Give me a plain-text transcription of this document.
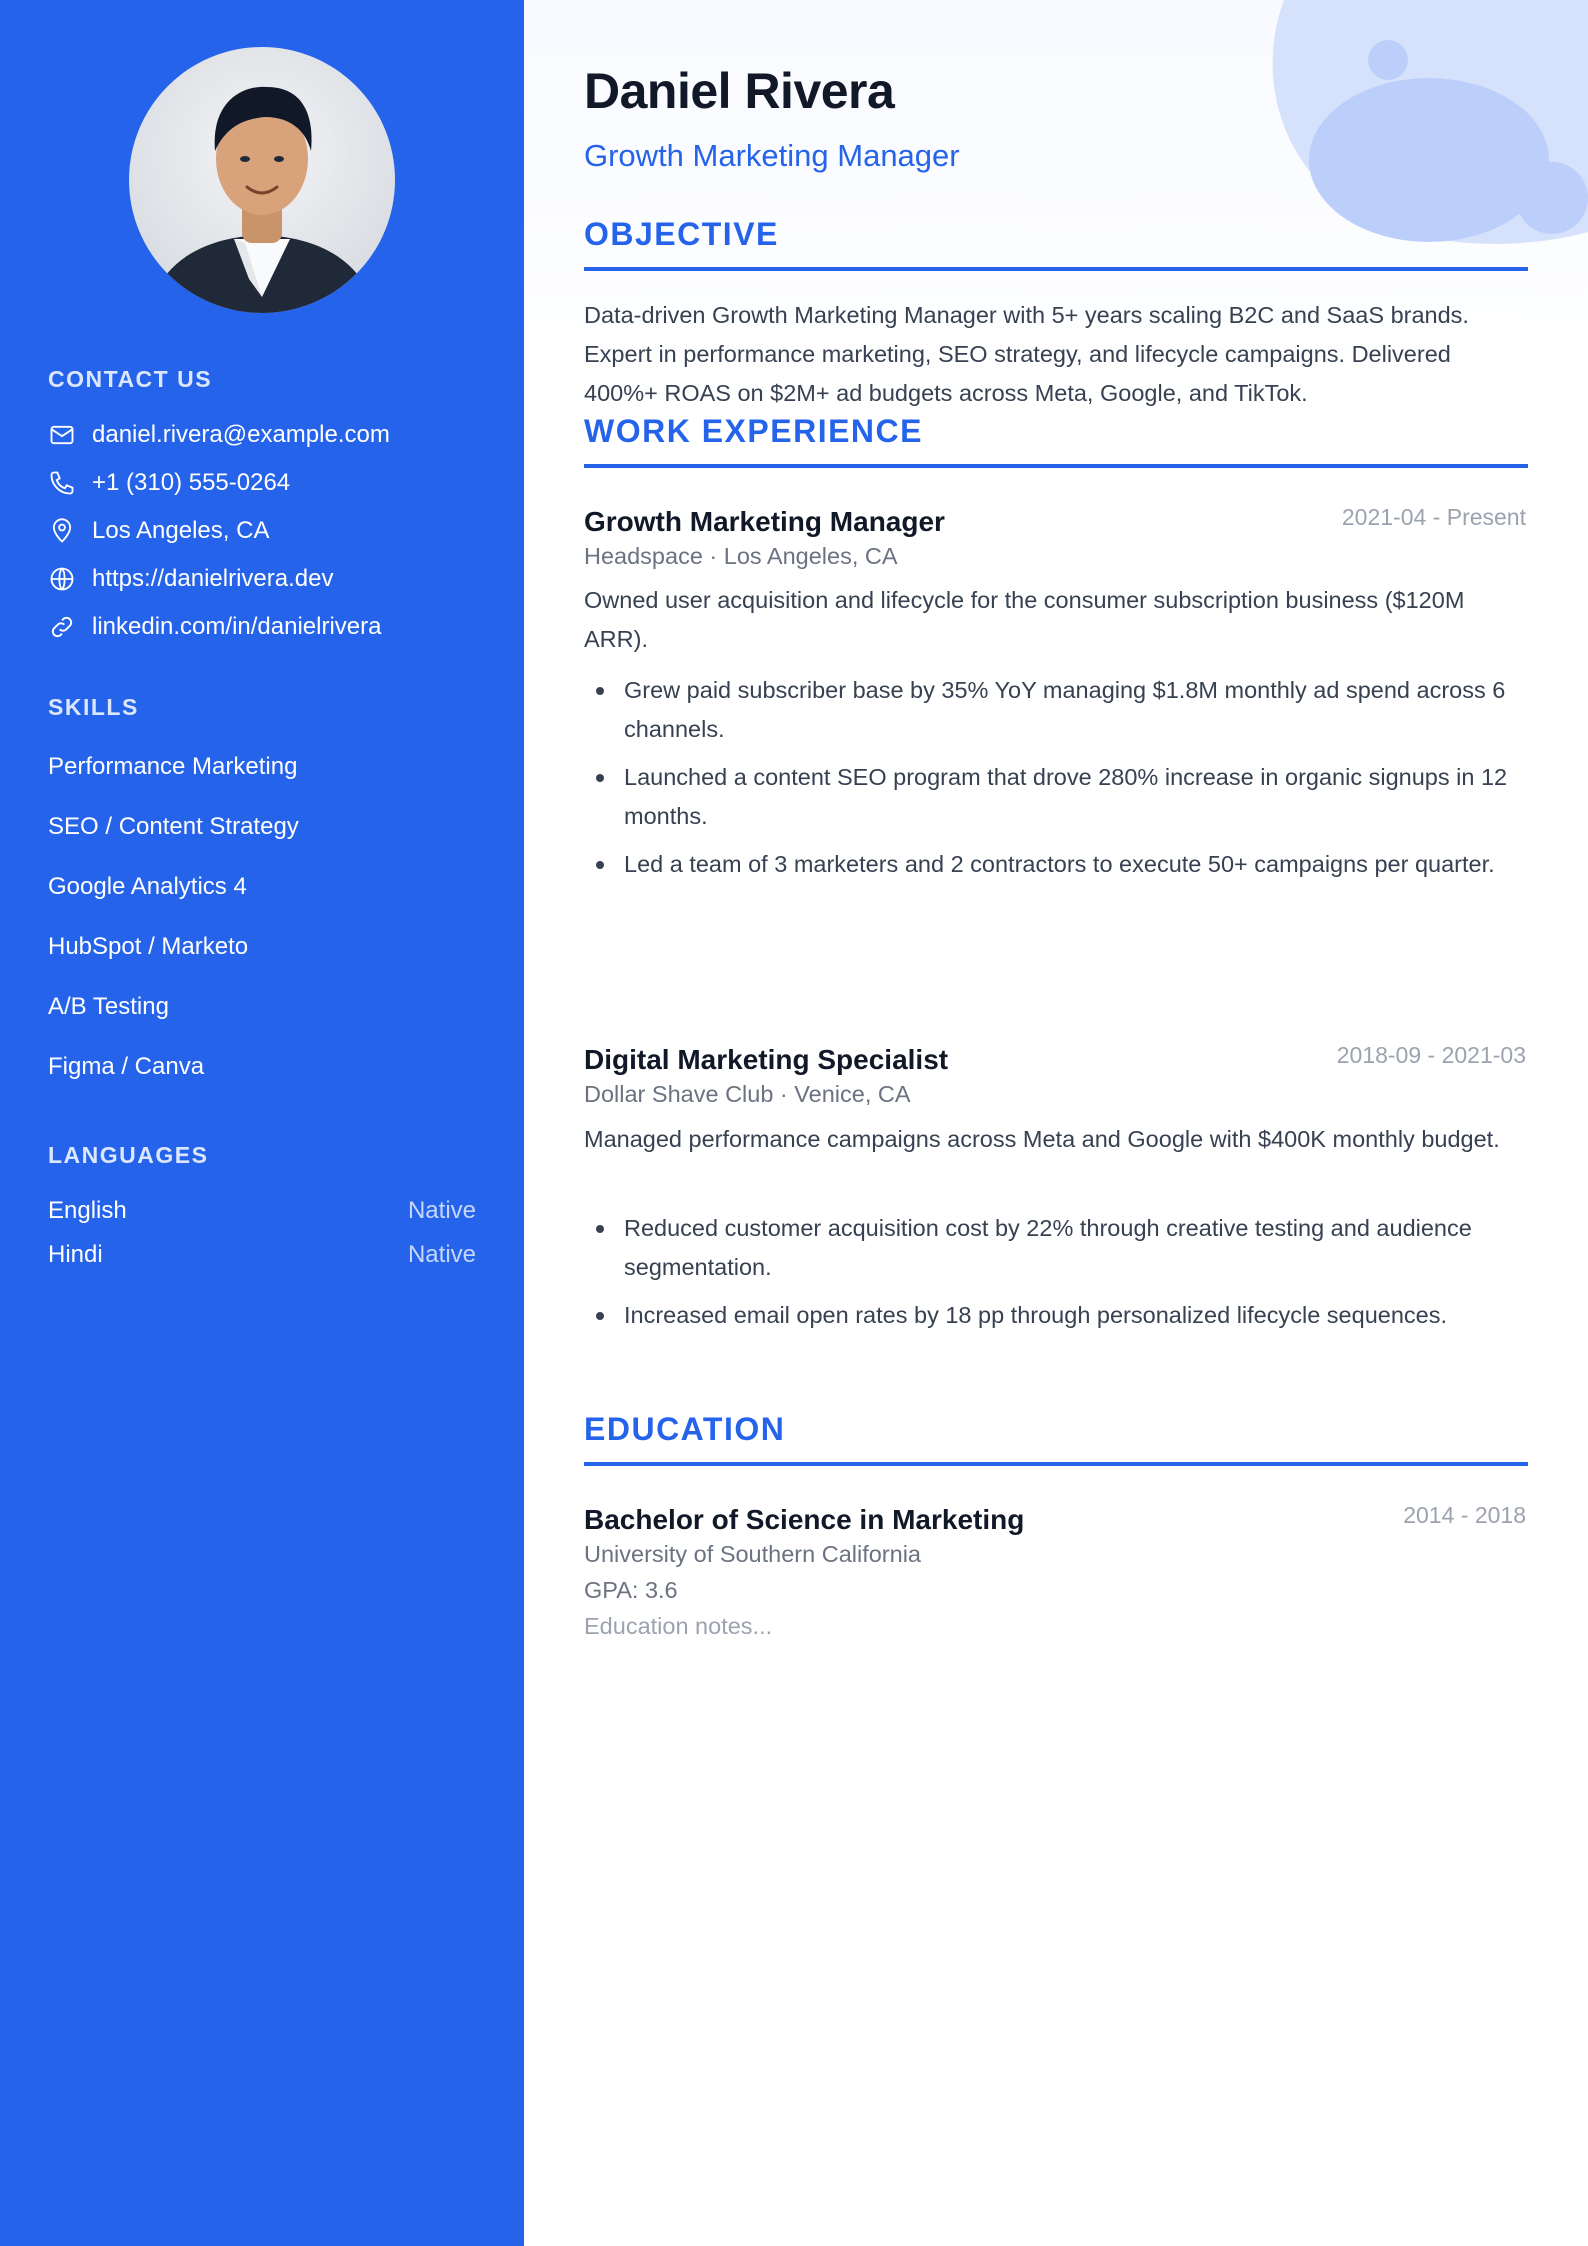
CONTACT US
daniel.rivera@example.com
+1 (310) 555-0264
Los Angeles, CA
https://danielrivera.dev
linkedin.com/in/danielrivera
SKILLS
Performance Marketing
SEO / Content Strategy
Google Analytics 4
HubSpot / Marketo
A/B Testing
Figma / Canva
LANGUAGES
English	Native
Hindi	Native
Daniel Rivera
Growth Marketing Manager
OBJECTIVE
Data-driven Growth Marketing Manager with 5+ years scaling B2C and SaaS brands. Expert in performance marketing, SEO strategy, and lifecycle campaigns. Delivered 400%+ ROAS on $2M+ ad budgets across Meta, Google, and TikTok.
WORK EXPERIENCE
Growth Marketing Manager	2021-04 - Present
Headspace · Los Angeles, CA
Owned user acquisition and lifecycle for the consumer subscription business ($120M ARR).
Grew paid subscriber base by 35% YoY managing $1.8M monthly ad spend across 6 channels.
Launched a content SEO program that drove 280% increase in organic signups in 12 months.
Led a team of 3 marketers and 2 contractors to execute 50+ campaigns per quarter.
Digital Marketing Specialist	2018-09 - 2021-03
Dollar Shave Club · Venice, CA
Managed performance campaigns across Meta and Google with $400K monthly budget.
Reduced customer acquisition cost by 22% through creative testing and audience segmentation.
Increased email open rates by 18 pp through personalized lifecycle sequences.
EDUCATION
Bachelor of Science in Marketing	2014 - 2018
University of Southern California
GPA: 3.6
Education notes...
